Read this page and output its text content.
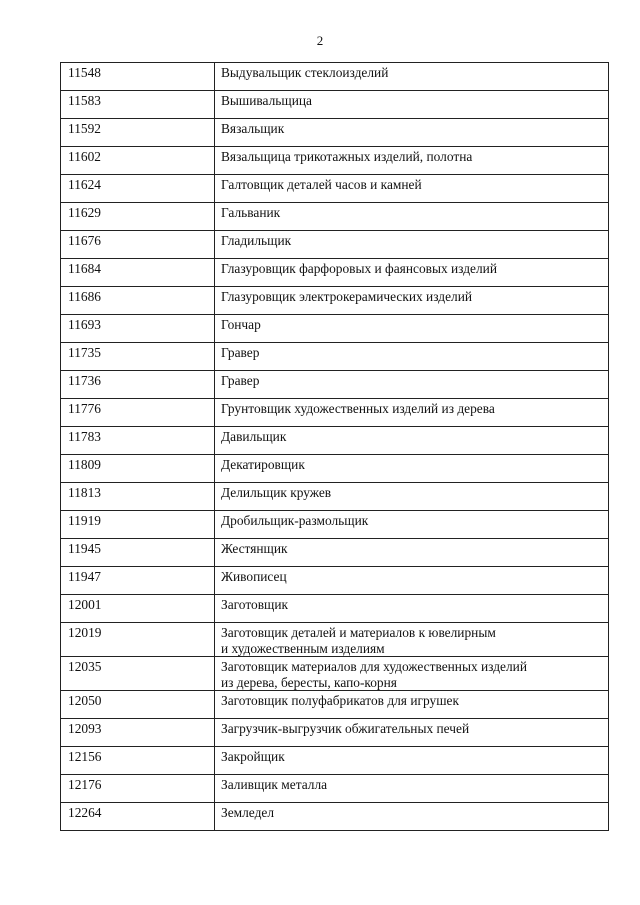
2
11548	Выдувальщик стеклоизделий
11583	Вышивальщица
11592	Вязальщик
11602	Вязальщица трикотажных изделий, полотна
11624	Галтовщик деталей часов и камней
11629	Гальваник
11676	Гладильщик
11684	Глазуровщик фарфоровых и фаянсовых изделий
11686	Глазуровщик электрокерамических изделий
11693	Гончар
11735	Гравер
11736	Гравер
11776	Грунтовщик художественных изделий из дерева
11783	Давильщик
11809	Декатировщик
11813	Делильщик кружев
11919	Дробильщик-размольщик
11945	Жестянщик
11947	Живописец
12001	Заготовщик
12019	Заготовщик деталей и материалов к ювелирным
и художественным изделиям
12035	Заготовщик материалов для художественных изделий
из дерева, бересты, капо-корня
12050	Заготовщик полуфабрикатов для игрушек
12093	Загрузчик-выгрузчик обжигательных печей
12156	Закройщик
12176	Заливщик металла
12264	Земледел
